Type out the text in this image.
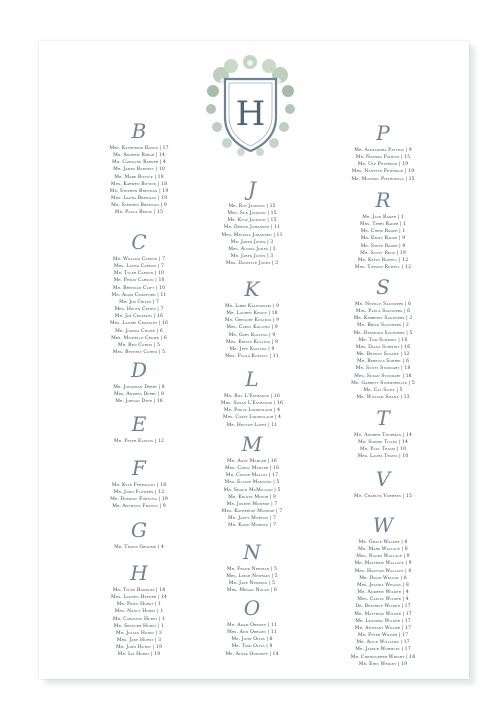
H
B
Mrs. Katherine Bands | 17
Mr. Andrew Babar | 14
Mr. Caroline Barker | 4
Mr. James Barnett | 10
Mr. Mark Bittick | 18
Mrs. Karmen Bittick | 18
Mr. Stephen Brennan | 19
Mrs. Laura Brennan | 19
Mr. Stephen Brennan | 9
Mr. Paula Brook | 15
C
Mr. William Carson | 7
Mrs. Laura Carson | 7
Mr. Tyler Carson | 10
Mr. Philip Carson | 10
Mr. Brendan Clift | 10
Mr. Adam Crawford | 11
Mr. Jim Crites | 7
Mrs. Helen Crites | 7
Mr. Jim Crossley | 16
Mrs. Laurie Crossley | 16
Mr. Joshua Crowe | 6
Mrs. Michelle Crowe | 6
Mr. Ben Curtis | 5
Mrs. Beverly Curtis | 5
D
Mr. Jonathan Derby | 8
Mrs. Andrea Derby | 8
Mr. Jordan Dyer | 18
E
Mr. Peter Easton | 12
F
Mr. Kyle Ferralioli | 18
Mr. John Flowers | 12
Mr. Dominic Fortuna | 19
Mr. Anthony Franco | 9
G
Mr. Travis Groome | 4
H
Mr. Tyler Hawkins | 14
Mrs. Lauren Hepner | 14
Mr. Price Hurst | 1
Mrs. Nancy Hurst | 1
Mr. Caroline Hurst | 1
Mr. Spencer Hurst | 1
Mr. Julian Hurst | 3
Mrs. Jane Hurst | 3
Mr. John Hurst | 19
Mr. Liz Hurst | 19
J
Mr. Roy Jackson | 15
Mrs. Sue Jackson | 15
Mr. Kyle Jackson | 15
Mr. Derick Johansen | 11
Mrs. Melissa Johansen | 11
Mr. Jared Jones | 3
Mrs. Alyssa Jones | 3
Mr. Jared Jones | 3
Mrs. Danielle Jones | 3
K
Mr. Libby Kalinowski | 9
Mr. Lauren Kenny | 18
Mr. Gregory Kolling | 9
Mrs. Carol Kolling | 9
Mr. Gary Kolling | 9
Mrs. Krista Kolling | 9
Mr. Jeff Kolling | 9
Mrs. Paola Kovacic | 11
L
Mr. Bill L'Estrange | 16
Mrs. Susan L'Estrange | 16
Mr. Philip Lindenlaub | 4
Mrs. Casey Lindenlaub | 4
Mr. Hector Lopez | 11
M
Mr. Andy Mahler | 16
Mrs. Carol Mahler | 16
Mr. Conor Mallot | 17
Mrs. Elaine Manning | 5
Mr. Shaun McMillian | 5
Mr. Kelsey Minor | 9
Mr. Joseph Monroe | 7
Mrs. Katherine Monroe | 7
Mr. Janey Morton | 7
Mr. Katie Morton | 7
N
Mr. Frank Newman | 5
Mrs. Leigh Newman | 5
Mr. Jake Newman | 5
Mrs. Megan Nolan | 6
O
Mr. Adam Obrgen | 11
Mrs. Ann Obrgen | 11
Mr. John Oliva | 8
Mr. Tami Oliva | 8
Mr. Alexa Ondorff | 14
P
Mr. Alexandra Pattina | 9
Mr. Nathan Patrick | 15
Mr. Ulf Peterson | 19
Mrs. Nanette Peterson | 19
Mr. Michael Pietropola | 15
R
Mr. Jack Rader | 1
Mrs. Terri Rader | 1
Mr. Chris Rader | 1
Mr. Emily Rader | 9
Mr. Steve Rader | 9
Mr. Scott Reos | 19
Mr. Kevin Rowell | 12
Mrs. Tiffany Rowell | 12
S
Mr. Neville Saunders | 6
Mrs. Paula Saunders | 6
Mr. Kimberly Saunders | 2
Mr. Brian Saunders | 2
Mr. Desmond Saunders | 5
Mr. Tom Schmidt | 16
Mrs. Diana Schmidt | 16
Mr. Brandt Sloane | 12
Mr. Rebecca Sorrel | 6
Mr. Scott Stoddart | 18
Mrs. Susan Stoddart | 18
Mr. Garrett Summerville | 5
Mr. Cal Sutie | 5
Mr. William Swane | 13
T
Mr. Andrew Thurman | 14
Mr. Sophie Tilles | 14
Mr. Paul Travis | 10
Mrs. Laura Travis | 10
V
Mr. Charles Vorhees | 15
W
Mr. Grace Walker | 8
Mr. Mark Wallace | 8
Mrs. Naomi Wallace | 9
Mr. Matthew Wallace | 9
Mrs. Hannah Wallace | 8
Mr. David Welday | 8
Mrs. Jeanna Welday | 8
Mr. Andrew Wilder | 4
Mrs. Caelin Wilder | 4
Dr. Beatrice Wilder | 17
Mr. Matthias Wilder | 17
Mr. Leandra Wilder | 17
Mr. Anthony Wilder | 17
Mr. Peter Wilder | 17
Mr. Alice Williams | 17
Mr. Jaspur Wormley | 17
Mr. Christopher Wright | 16
Mr. Erin Wright | 19
